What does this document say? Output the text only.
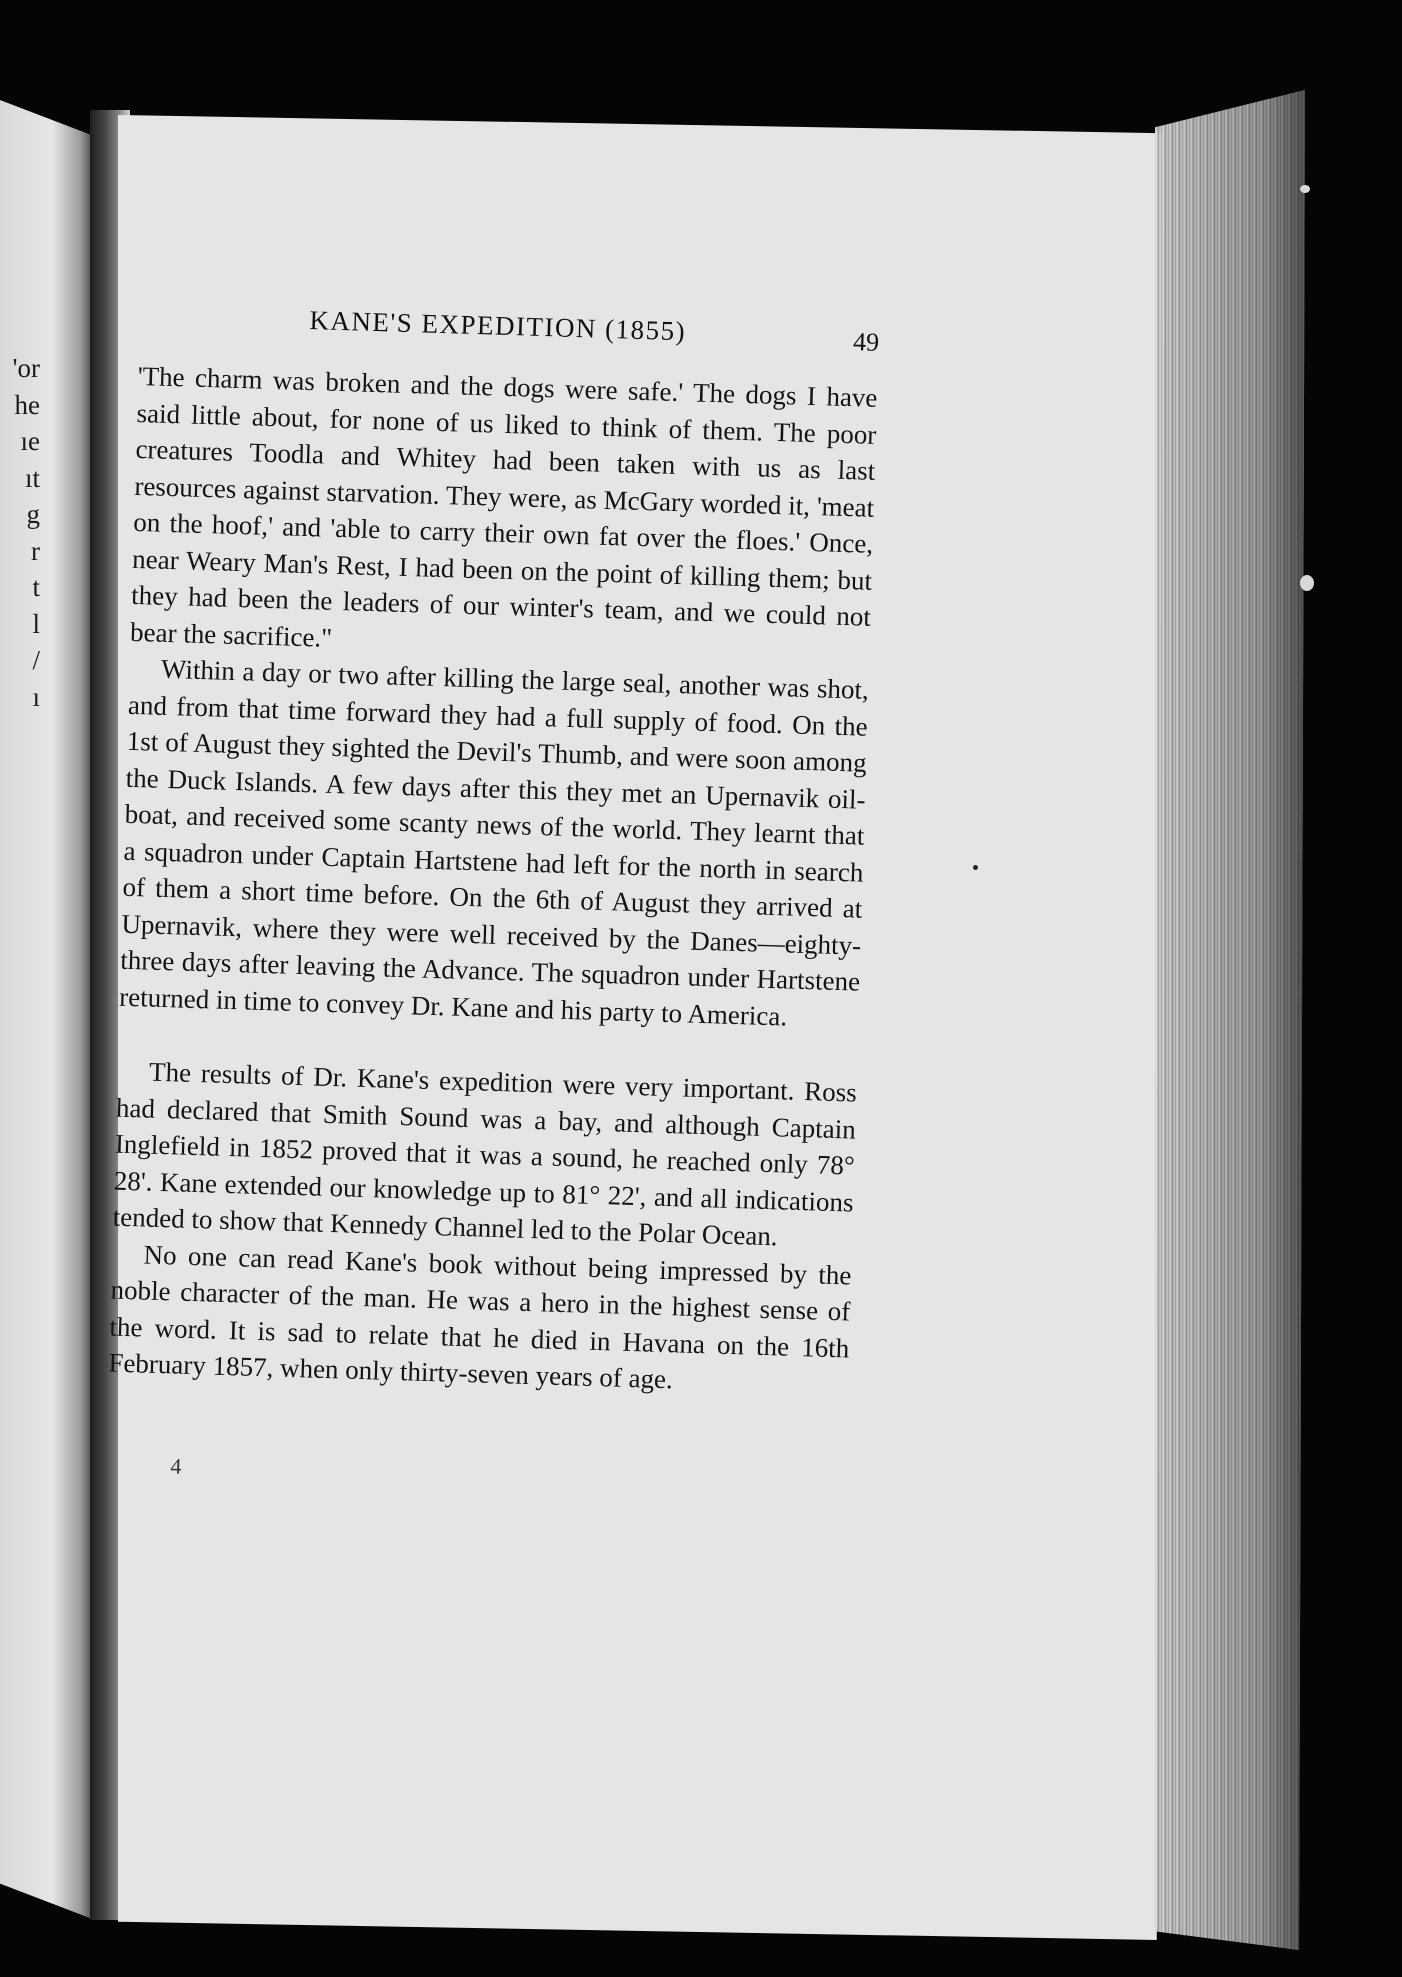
'or
he
ıe
ıt
g
r
t
l
/
ı
KANE'S EXPEDITION (1855)	49

'The charm was broken and the dogs were safe.' The dogs I have said little about, for none of us liked to think of them. The poor creatures Toodla and Whitey had been taken with us as last resources against starvation. They were, as McGary worded it, 'meat on the hoof,' and 'able to carry their own fat over the floes.' Once, near Weary Man's Rest, I had been on the point of killing them; but they had been the leaders of our winter's team, and we could not bear the sacrifice."

Within a day or two after killing the large seal, another was shot, and from that time forward they had a full supply of food. On the 1st of August they sighted the Devil's Thumb, and were soon among the Duck Islands. A few days after this they met an Upernavik oil-boat, and received some scanty news of the world. They learnt that a squadron under Captain Hartstene had left for the north in search of them a short time before. On the 6th of August they arrived at Upernavik, where they were well received by the Danes—eighty-three days after leaving the Advance. The squadron under Hartstene returned in time to convey Dr. Kane and his party to America.

The results of Dr. Kane's expedition were very important. Ross had declared that Smith Sound was a bay, and although Captain Inglefield in 1852 proved that it was a sound, he reached only 78° 28'. Kane extended our knowledge up to 81° 22', and all indications tended to show that Kennedy Channel led to the Polar Ocean.

No one can read Kane's book without being impressed by the noble character of the man. He was a hero in the highest sense of the word. It is sad to relate that he died in Havana on the 16th February 1857, when only thirty-seven years of age.

4
